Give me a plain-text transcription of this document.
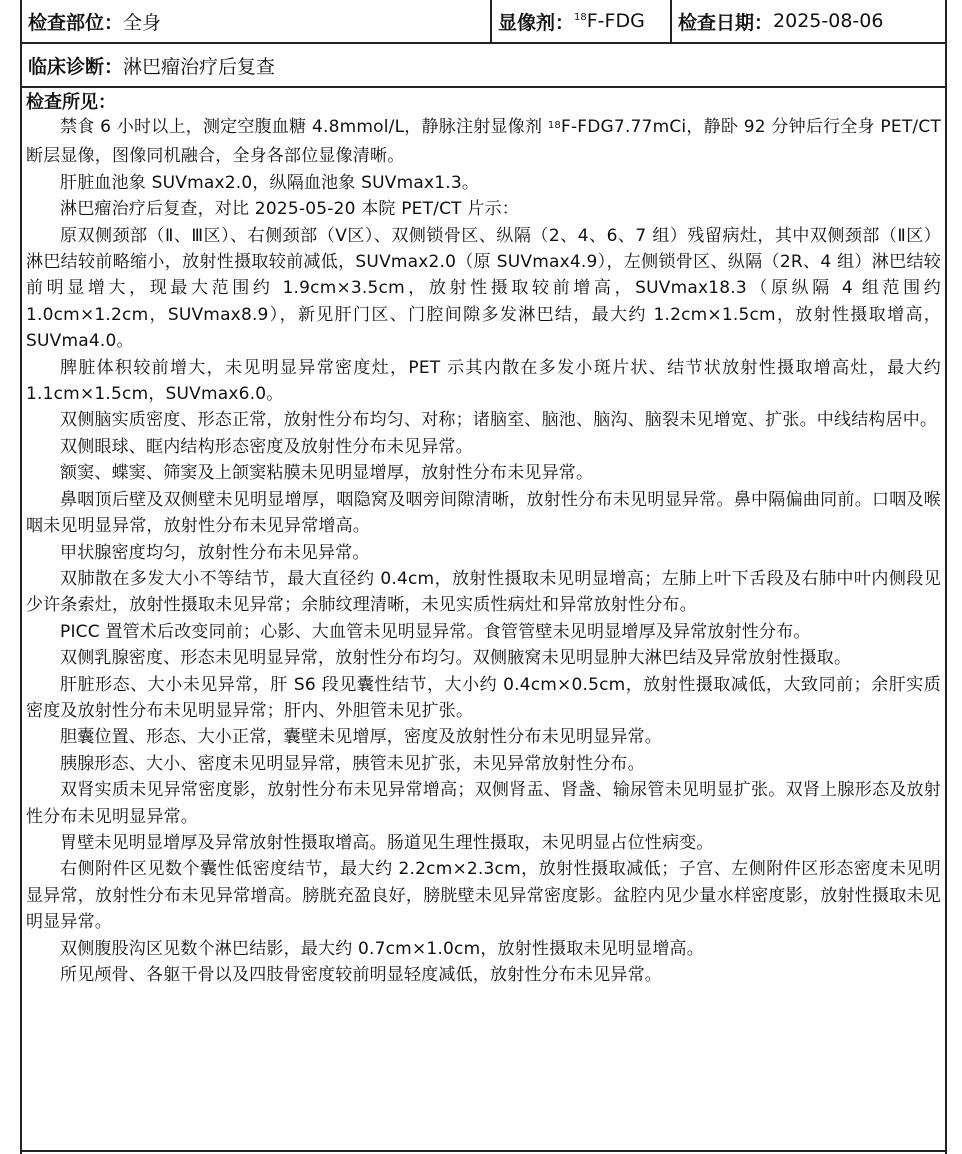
检查部位： 全身	显像剂：$^{18}$ F-FDG 检查日期： 2025-08-06
临床诊断： 淋巴瘤治疗后复查
检查所见：

禁食 6 小时以上，测定空腹血糖 4.8mmol/L，静脉注射显像剂 $^{18}$F-FDG7.77mCi，静卧 92 分钟后行全身 PET/CT 断层显像，图像同机融合，全身各部位显像清晰。

肝脏血池象 SUVmax2.0，纵隔血池象 SUVmax1.3。

淋巴瘤治疗后复查，对比 2025-05-20 本院 PET/CT 片示：

原双侧颈部（Ⅱ、Ⅲ区）、右侧颈部（Ⅴ区）、双侧锁骨区、纵隔（2、4、6、7 组）残留病灶，其中双侧颈部（Ⅱ区）淋巴结较前略缩小，放射性摄取较前减低，SUVmax2.0（原 SUVmax4.9），左侧锁骨区、纵隔（2R、4 组）淋巴结较前明显增大，现最大范围约 1.9cm×3.5cm，放射性摄取较前增高，SUVmax18.3（原纵隔 4 组范围约 1.0cm×1.2cm，SUVmax8.9），新见肝门区、门腔间隙多发淋巴结，最大约 1.2cm×1.5cm，放射性摄取增高，SUVma4.0。

脾脏体积较前增大，未见明显异常密度灶，PET 示其内散在多发小斑片状、结节状放射性摄取增高灶，最大约 1.1cm×1.5cm，SUVmax6.0。

双侧脑实质密度、形态正常，放射性分布均匀、对称；诸脑室、脑池、脑沟、脑裂未见增宽、扩张。中线结构居中。

双侧眼球、眶内结构形态密度及放射性分布未见异常。

额窦、蝶窦、筛窦及上颌窦粘膜未见明显增厚，放射性分布未见异常。

鼻咽顶后壁及双侧壁未见明显增厚，咽隐窝及咽旁间隙清晰，放射性分布未见明显异常。鼻中隔偏曲同前。口咽及喉咽未见明显异常，放射性分布未见异常增高。

甲状腺密度均匀，放射性分布未见异常。

双肺散在多发大小不等结节，最大直径约 0.4cm，放射性摄取未见明显增高；左肺上叶下舌段及右肺中叶内侧段见少许条索灶，放射性摄取未见异常；余肺纹理清晰，未见实质性病灶和异常放射性分布。

PICC 置管术后改变同前；心影、大血管未见明显异常。食管管壁未见明显增厚及异常放射性分布。

双侧乳腺密度、形态未见明显异常，放射性分布均匀。双侧腋窝未见明显肿大淋巴结及异常放射性摄取。

肝脏形态、大小未见异常，肝 S6 段见囊性结节，大小约 0.4cm×0.5cm，放射性摄取减低，大致同前；余肝实质密度及放射性分布未见明显异常；肝内、外胆管未见扩张。

胆囊位置、形态、大小正常，囊壁未见增厚，密度及放射性分布未见明显异常。

胰腺形态、大小、密度未见明显异常，胰管未见扩张，未见异常放射性分布。

双肾实质未见异常密度影，放射性分布未见异常增高；双侧肾盂、肾盏、输尿管未见明显扩张。双肾上腺形态及放射性分布未见明显异常。

胃壁未见明显增厚及异常放射性摄取增高。肠道见生理性摄取，未见明显占位性病变。

右侧附件区见数个囊性低密度结节，最大约 2.2cm×2.3cm，放射性摄取减低；子宫、左侧附件区形态密度未见明显异常，放射性分布未见异常增高。膀胱充盈良好，膀胱壁未见异常密度影。盆腔内见少量水样密度影，放射性摄取未见明显异常。

双侧腹股沟区见数个淋巴结影，最大约 0.7cm×1.0cm，放射性摄取未见明显增高。

所见颅骨、各躯干骨以及四肢骨密度较前明显轻度减低，放射性分布未见异常。
